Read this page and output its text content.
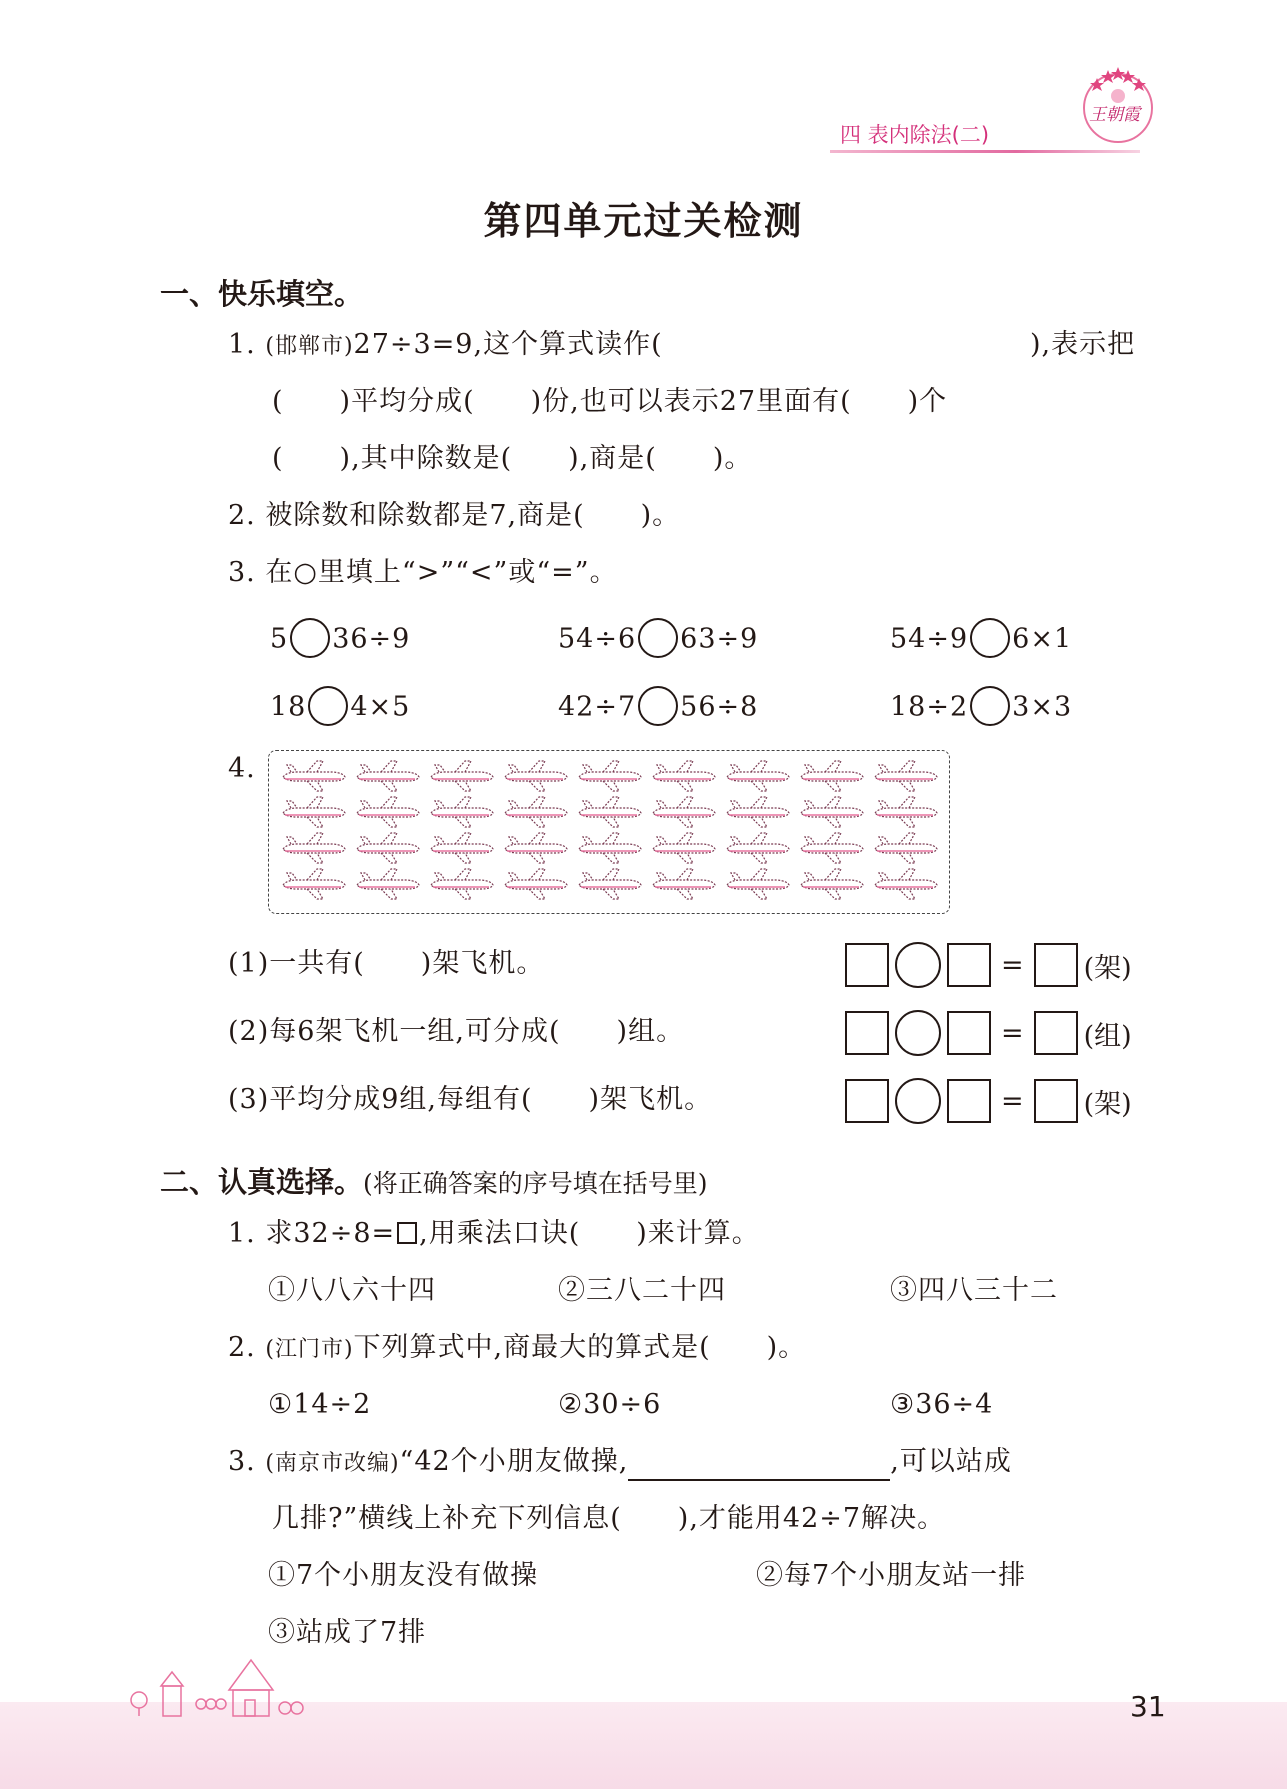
王朝霞
四 表内除法(二)
第四单元过关检测
一、快乐填空。
1. (邯郸市)27÷3=9,这个算式读作(	),表示把
(　　)平均分成(　　)份,也可以表示27里面有(　　)个
(　　),其中除数是(　　),商是(　　)。
2. 被除数和除数都是7,商是(　　)。
3. 在○里填上“>”“<”或“=”。
5 36÷9	54÷6 63÷9	54÷9 6×1
18 4×5	42÷7 56÷8	18÷2 3×3
4.
(1)一共有(　　)架飞机。
(2)每6架飞机一组,可分成(　　)组。
(3)平均分成9组,每组有(　　)架飞机。
= (架)
= (组)
= (架)
二、认真选择。(将正确答案的序号填在括号里)
1. 求32÷8= ,用乘法口诀(　　)来计算。
①八八六十四	②三八二十四	③四八三十二
2. (江门市)下列算式中,商最大的算式是(　　)。
①14÷2	②30÷6	③36÷4
3. (南京市改编)“42个小朋友做操,	,可以站成
几排?”横线上补充下列信息(　　),才能用42÷7解决。
①7个小朋友没有做操	②每7个小朋友站一排
③站成了7排
31
